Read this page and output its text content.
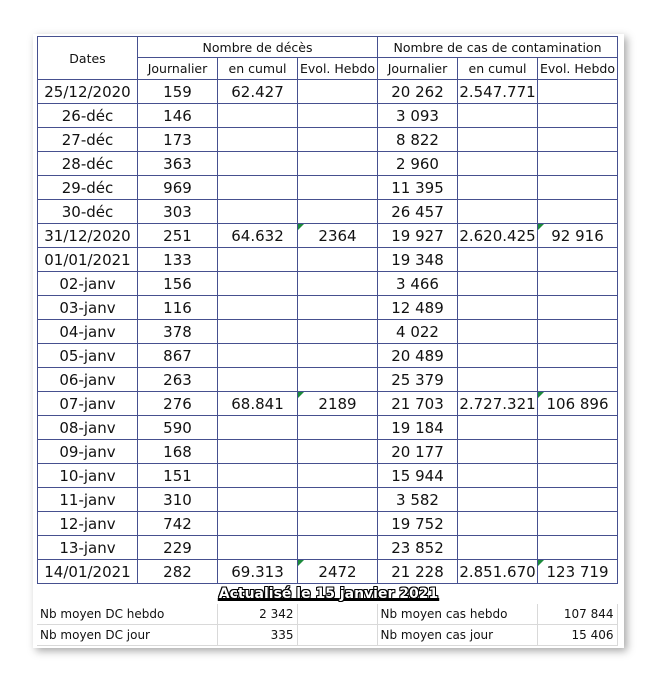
Dates	Nombre de décès			Nombre de cas de contamination		
	Journalier	en cumul	Evol. Hebdo	Journalier	en cumul	Evol. Hebdo
25/12/2020	159	62.427		20 262	2.547.771	
26-déc	146			3 093		
27-déc	173			8 822		
28-déc	363			2 960		
29-déc	969			11 395		
30-déc	303			26 457		
31/12/2020	251	64.632	2364	19 927	2.620.425	92 916

01/01/2021	133			19 348		
02-janv	156			3 466		
03-janv	116			12 489		
04-janv	378			4 022		
05-janv	867			20 489		
06-janv	263			25 379		
07-janv	276	68.841	2189	21 703	2.727.321	106 896

08-janv	590			19 184		
09-janv	168			20 177		
10-janv	151			15 944		
11-janv	310			3 582		
12-janv	742			19 752		
13-janv	229			23 852		
14/01/2021	282	69.313	2472	21 228	2.851.670	123 719
Actualisé le 15 janvier 2021
Nb moyen DC hebdo	2 342		Nb moyen cas hebdo	107 844
Nb moyen DC jour	335		Nb moyen cas jour	15 406
